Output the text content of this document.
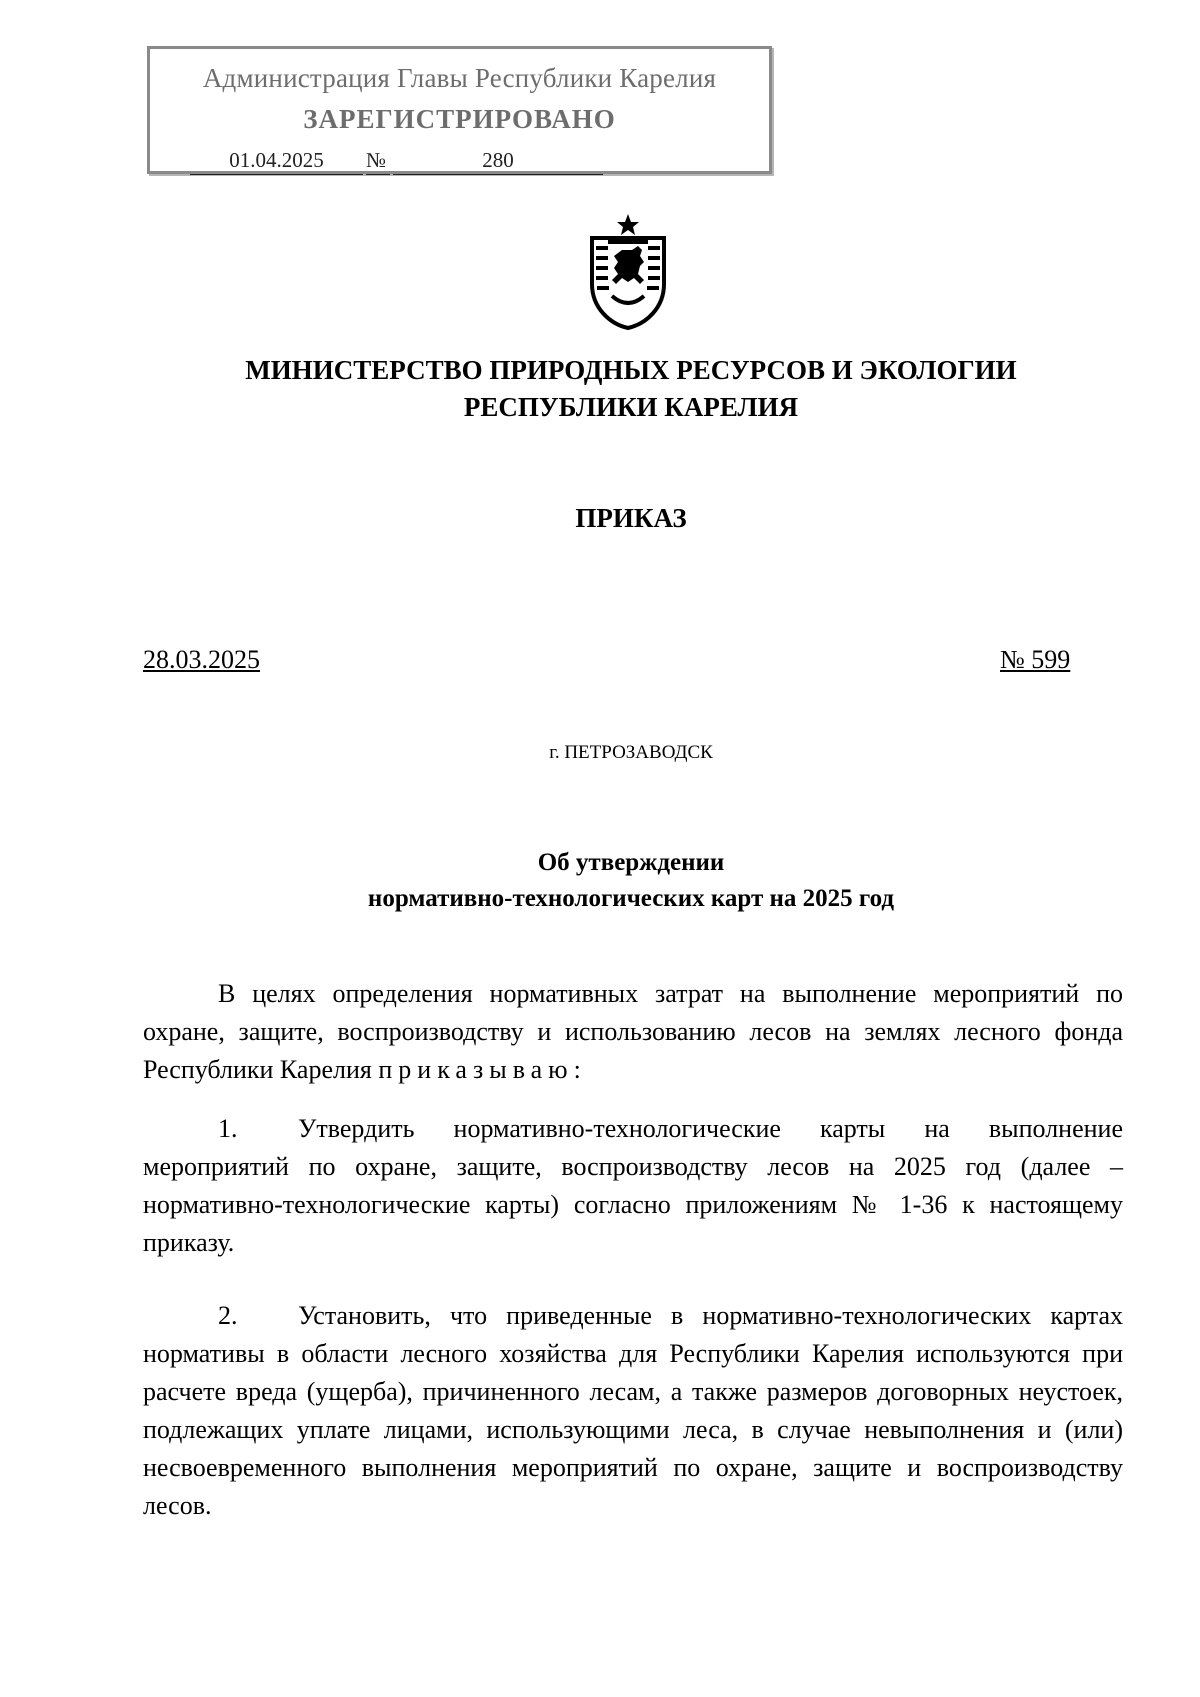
Администрация Главы Республики Карелия
ЗАРЕГИСТРИРОВАНО
01.04.2025	№	280
МИНИСТЕРСТВО ПРИРОДНЫХ РЕСУРСОВ И ЭКОЛОГИИ
РЕСПУБЛИКИ КАРЕЛИЯ
ПРИКАЗ
28.03.2025	№ 599
г. ПЕТРОЗАВОДСК
Об утверждении
нормативно-технологических карт на 2025 год

В целях определения нормативных затрат на выполнение мероприятий по охране, защите, воспроизводству и использованию лесов на землях лесного фонда Республики Карелия приказываю:

1. Утвердить нормативно-технологические карты на выполнение мероприятий по охране, защите, воспроизводству лесов на 2025 год (далее – нормативно-технологические карты) согласно приложениям № 1-36 к настоящему приказу.

2. Установить, что приведенные в нормативно-технологических картах нормативы в области лесного хозяйства для Республики Карелия используются при расчете вреда (ущерба), причиненного лесам, а также размеров договорных неустоек, подлежащих уплате лицами, использующими леса, в случае невыполнения и (или) несвоевременного выполнения мероприятий по охране, защите и воспроизводству лесов.
